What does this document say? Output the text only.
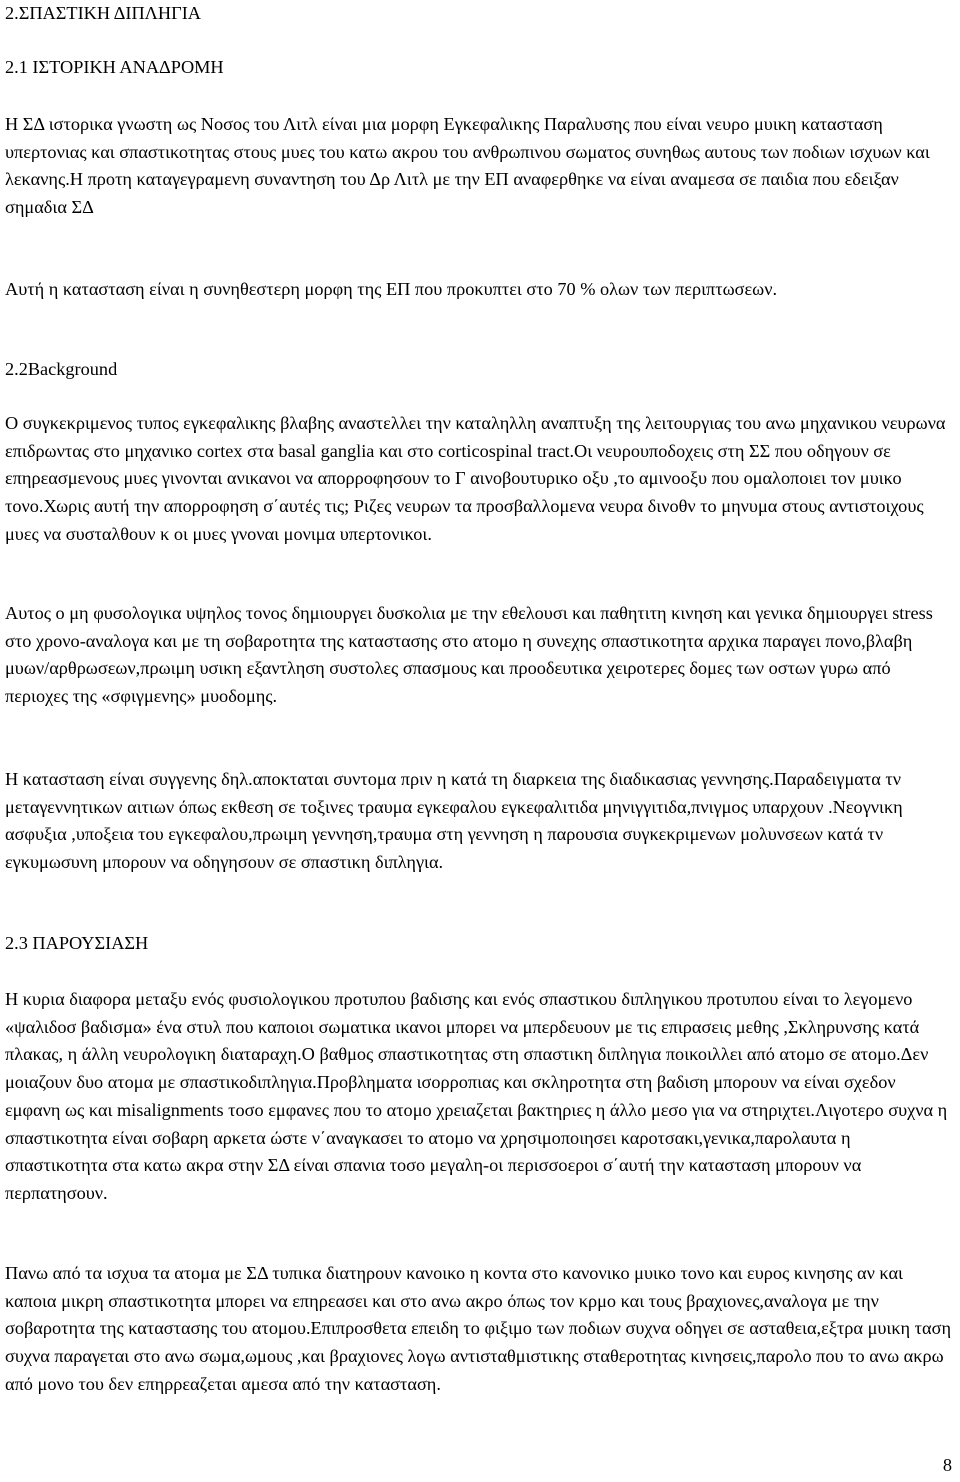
2.ΣΠΑΣΤΙΚΗ ΔΙΠΛΗΓΙΑ
2.1 ΙΣΤΟΡΙΚΗ ΑΝΑΔΡΟΜΗ

Η ΣΔ ιστορικα γνωστη ως Νοσος του Λιτλ είναι μια μορφη Εγκεφαλικης Παραλυσης που είναι νευρο μυικη κατασταση υπερτονιας και σπαστικοτητας στους μυες του κατω ακρου του ανθρωπινου σωματος συνηθως αυτους των ποδιων ισχυων και λεκανης.Η προτη καταγεγραμενη συναντηση του Δρ Λιτλ με την ΕΠ αναφερθηκε να είναι αναμεσα σε παιδια που εδειξαν σημαδια ΣΔ

Αυτή η κατασταση είναι η συνηθεστερη μορφη της ΕΠ που προκυπτει στο 70 % ολων των περιπτωσεων.

2.2Background

Ο συγκεκριμενος τυπος εγκεφαλικης βλαβης αναστελλει την καταληλλη αναπτυξη της λειτουργιας του ανω μηχανικου νευρωνα επιδρωντας στο μηχανικο cortex στα basal ganglia και στο corticospinal tract.Οι νευρουποδοχεις στη ΣΣ που οδηγουν σε επηρεασμενους μυες γινονται ανικανοι να απορροφησουν το Γ αινοβουτυρικο οξυ ,το αμινοοξυ που ομαλοποιει τον μυικο τονο.Χωρις αυτή την απορροφηση σ΄αυτές τις; Ριζες νευρων τα προσβαλλομενα νευρα δινοθν το μηνυμα στους αντιστοιχους μυες να συσταλθουν κ οι μυες γνοναι μονιμα υπερτονικοι.

Αυτος ο μη φυσολογικα υψηλος τονος δημιουργει δυσκολια με την εθελουσι και παθητιτη κινηση και γενικα δημιουργει stress στο χρονο-αναλογα και με τη σοβαροτητα της καταστασης στο ατομο η συνεχης σπαστικοτητα αρχικα παραγει πονο,βλαβη μυων/αρθρωσεων,πρωιμη υσικη εξαντληση συστολες σπασμους και προοδευτικα χειροτερες δομες των οστων γυρω από περιοχες της «σφιγμενης» μυοδομης.

Η κατασταση είναι συγγενης δηλ.αποκταται συντομα πριν η κατά τη διαρκεια της διαδικασιας γεννησης.Παραδειγματα τν μεταγεννητικων αιτιων όπως εκθεση σε τοξινες τραυμα εγκεφαλου εγκεφαλιτιδα μηνιγγιτιδα,πνιγμος υπαρχουν .Νεογνικη ασφυξια ,υποξεια του εγκεφαλου,πρωιμη γεννηση,τραυμα στη γεννηση η παρουσια συγκεκριμενων μολυνσεων κατά τν εγκυμωσυνη μπορουν να οδηγησουν σε σπαστικη διπληγια.

2.3 ΠΑΡΟΥΣΙΑΣΗ

Η κυρια διαφορα μεταξυ ενός φυσιολογικου προτυπου βαδισης και ενός σπαστικου διπληγικου προτυπου είναι το λεγομενο «ψαλιδοσ βαδισμα» ένα στυλ που καποιοι σωματικα ικανοι μπορει να μπερδευουν με τις επιρασεις μεθης ,Σκληρυνσης κατά πλακας, η άλλη νευρολογικη διαταραχη.Ο βαθμος σπαστικοτητας στη σπαστικη διπληγια ποικοιλλει από ατομο σε ατομο.Δεν μοιαζουν δυο ατομα με σπαστικοδιπληγια.Προβληματα ισορροπιας και σκληροτητα στη βαδιση μπορουν να είναι σχεδον εμφανη ως και misalignments τοσο εμφανες που το ατομο χρειαζεται βακτηριες η άλλο μεσο για να στηριχτει.Λιγοτερο συχνα η σπαστικοτητα είναι σοβαρη αρκετα ώστε ν΄αναγκασει το ατομο να χρησιμοποιησει καροτσακι,γενικα,παρολαυτα η σπαστικοτητα στα κατω ακρα στην ΣΔ είναι σπανια τοσο μεγαλη-οι περισσοεροι σ΄αυτή την κατασταση μπορουν να περπατησουν.

Πανω από τα ισχυα τα ατομα με ΣΔ τυπικα διατηρουν κανοικο η κοντα στο κανονικο μυικο τονο και ευρος κινησης αν και καποια μικρη σπαστικοτητα μπορει να επηρεασει και στο ανω ακρο όπως τον κρμο και τους βραχιονες,αναλογα με την σοβαροτητα της καταστασης του ατομου.Επιπροσθετα επειδη το φιξιμο των ποδιων συχνα οδηγει σε ασταθεια,εξτρα μυικη ταση συχνα παραγεται στο ανω σωμα,ωμους ,και βραχιονες λογω αντισταθμιστικης σταθεροτητας κινησεις,παρολο που το ανω ακρω από μονο του δεν επηρρεαζεται αμεσα από την κατασταση.

8
